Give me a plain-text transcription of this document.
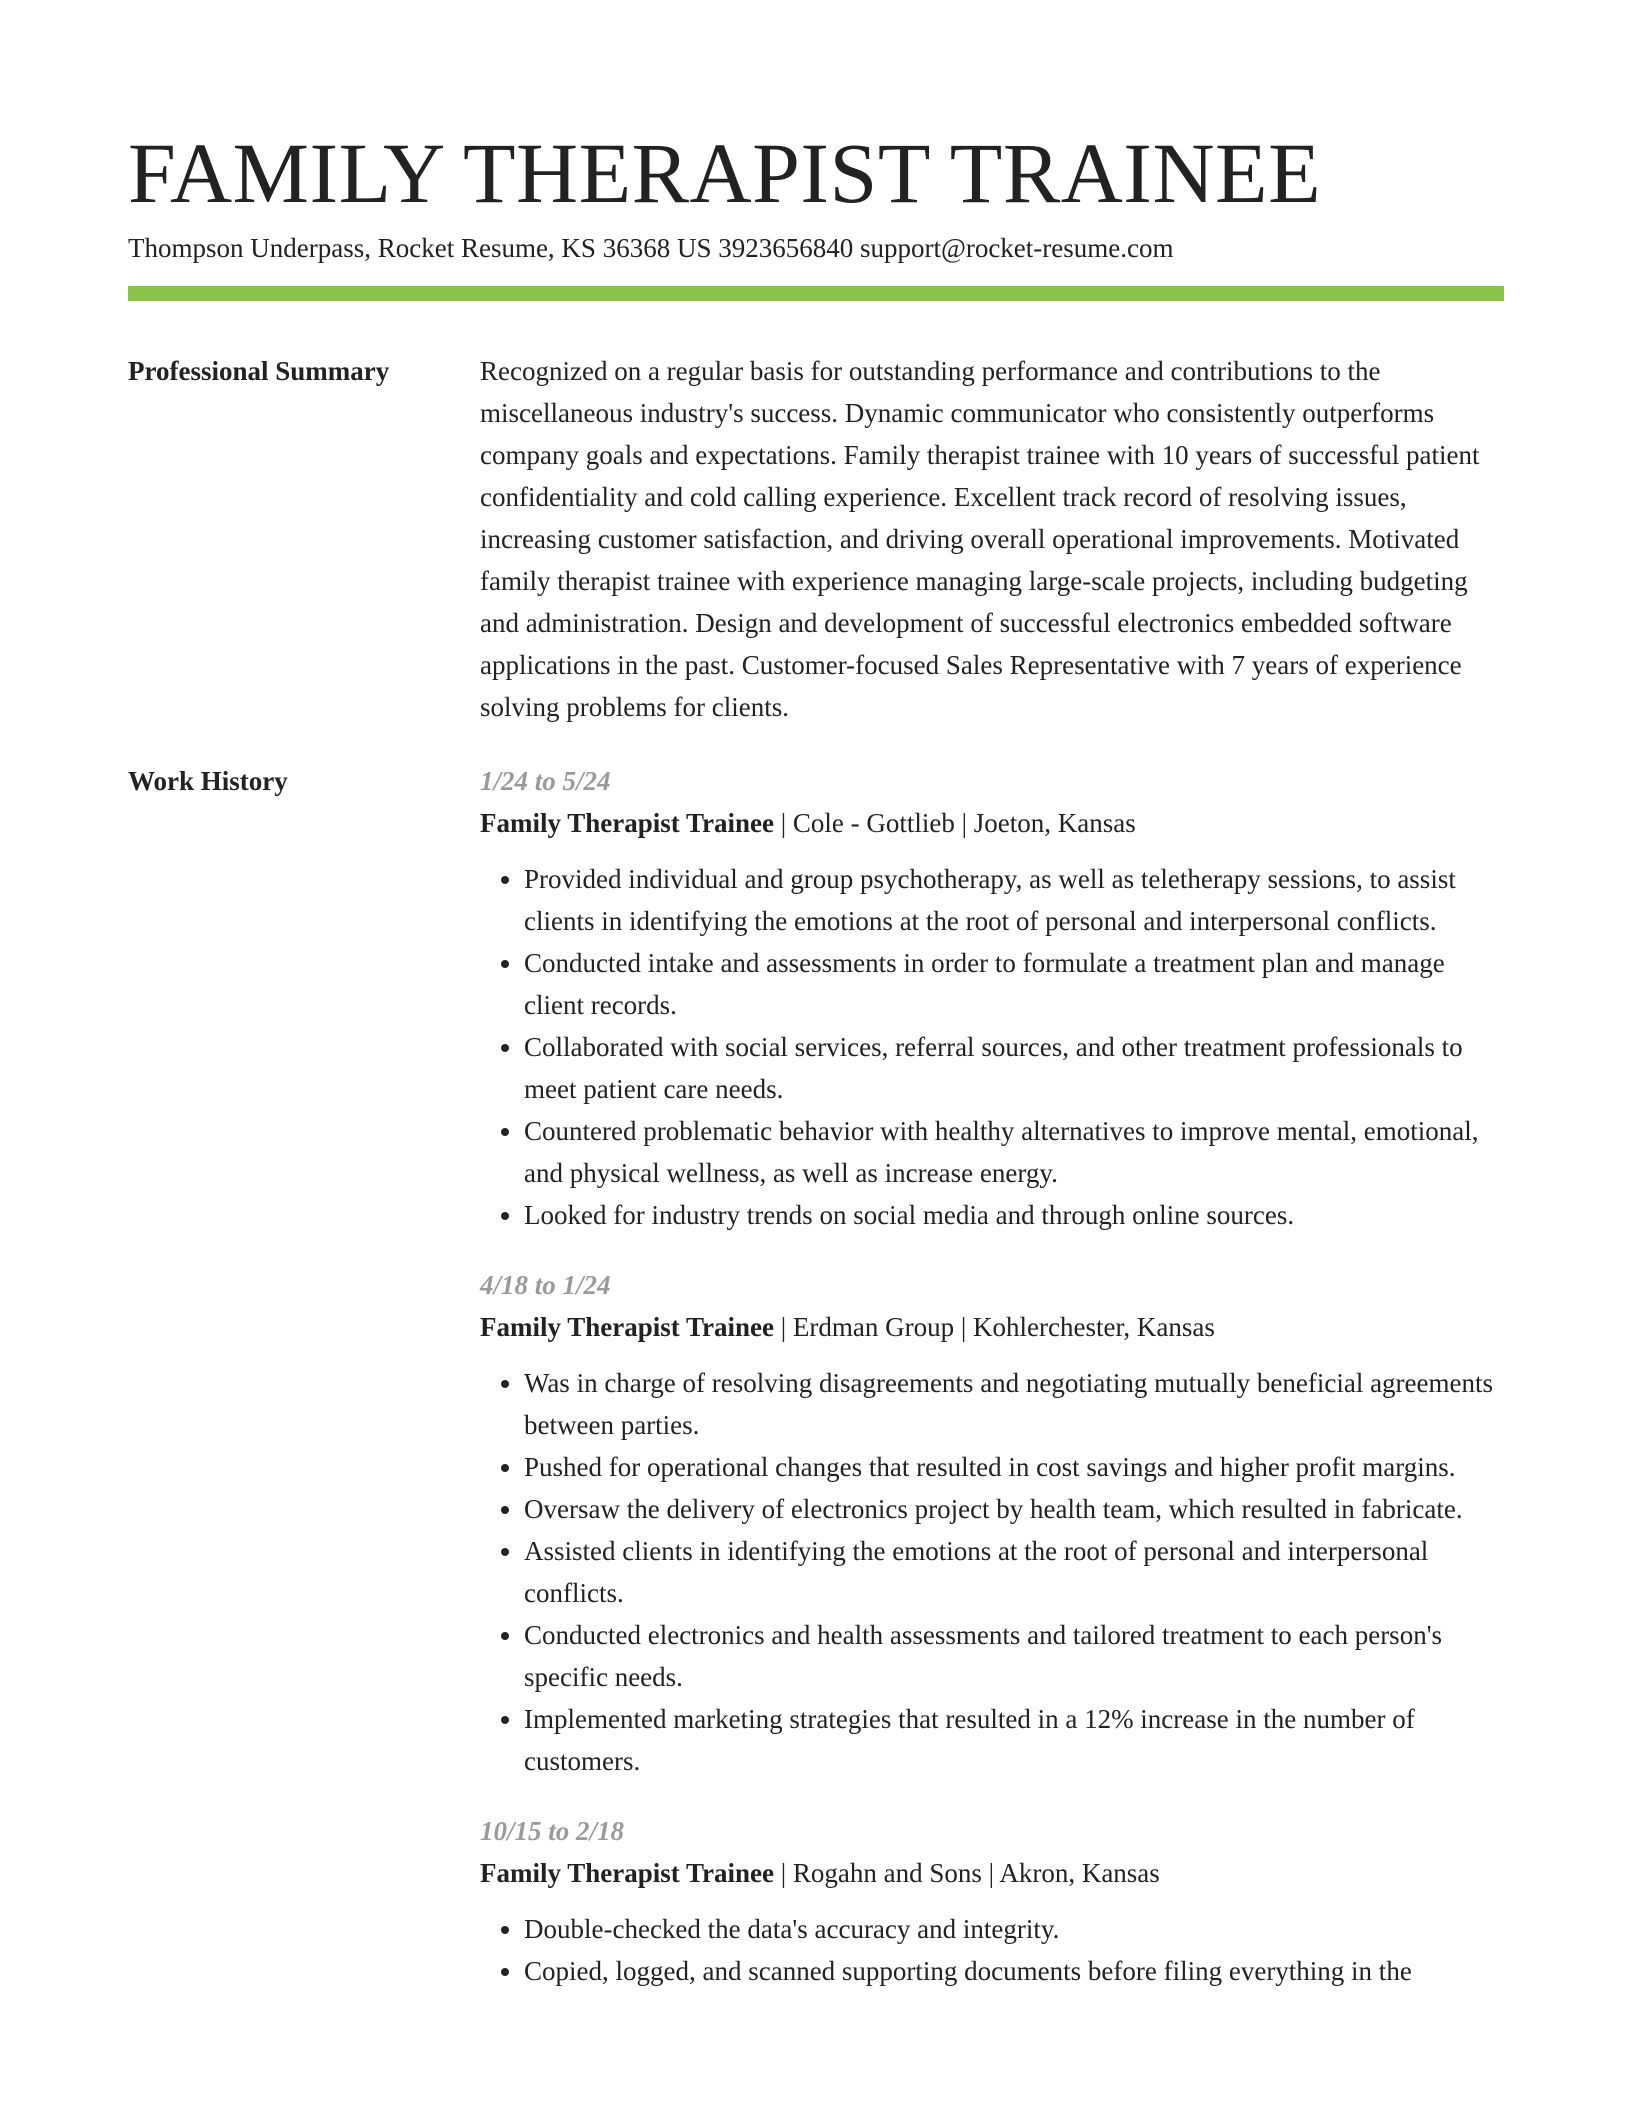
FAMILY THERAPIST TRAINEE
Thompson Underpass, Rocket Resume, KS 36368 US 3923656840 support@rocket-resume.com
Professional Summary	Recognized on a regular basis for outstanding performance and contributions to the miscellaneous industry's success. Dynamic communicator who consistently outperforms company goals and expectations. Family therapist trainee with 10 years of successful patient confidentiality and cold calling experience. Excellent track record of resolving issues, increasing customer satisfaction, and driving overall operational improvements. Motivated family therapist trainee with experience managing large-scale projects, including budgeting and administration. Design and development of successful electronics embedded software applications in the past. Customer-focused Sales Representative with 7 years of experience solving problems for clients.

Work History	1/24 to 5/24
Family Therapist Trainee | Cole - Gottlieb | Joeton, Kansas
• Provided individual and group psychotherapy, as well as teletherapy sessions, to assist clients in identifying the emotions at the root of personal and interpersonal conflicts.
• Conducted intake and assessments in order to formulate a treatment plan and manage client records.
• Collaborated with social services, referral sources, and other treatment professionals to meet patient care needs.
• Countered problematic behavior with healthy alternatives to improve mental, emotional, and physical wellness, as well as increase energy.
• Looked for industry trends on social media and through online sources.
4/18 to 1/24
Family Therapist Trainee | Erdman Group | Kohlerchester, Kansas
• Was in charge of resolving disagreements and negotiating mutually beneficial agreements between parties.
• Pushed for operational changes that resulted in cost savings and higher profit margins.
• Oversaw the delivery of electronics project by health team, which resulted in fabricate.
• Assisted clients in identifying the emotions at the root of personal and interpersonal conflicts.
• Conducted electronics and health assessments and tailored treatment to each person's specific needs.
• Implemented marketing strategies that resulted in a 12% increase in the number of customers.
10/15 to 2/18
Family Therapist Trainee | Rogahn and Sons | Akron, Kansas
• Double-checked the data's accuracy and integrity.
• Copied, logged, and scanned supporting documents before filing everything in the
